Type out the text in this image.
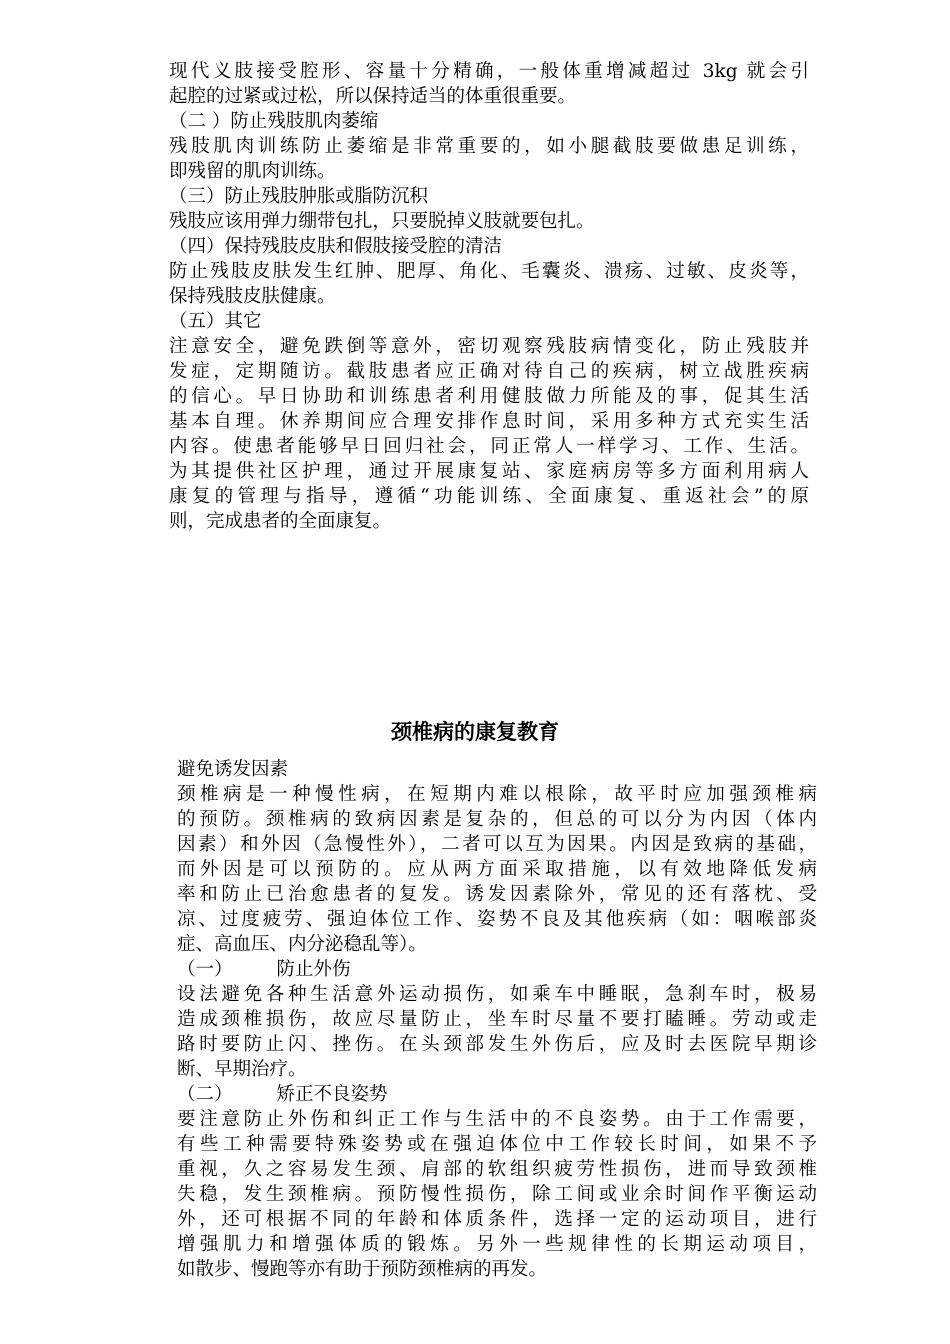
现代义肢接受腔形、容量十分精确，一般体重增减超过 3kg 就会引
起腔的过紧或过松，所以保持适当的体重很重要。
（二 ）防止残肢肌肉萎缩
残肢肌肉训练防止萎缩是非常重要的，如小腿截肢要做患足训练，
即残留的肌肉训练。
（三）防止残肢肿胀或脂防沉积
残肢应该用弹力绷带包扎，只要脱掉义肢就要包扎。
（四）保持残肢皮肤和假肢接受腔的清洁
防止残肢皮肤发生红肿、肥厚、角化、毛囊炎、溃疡、过敏、皮炎等，
保持残肢皮肤健康。
（五）其它
注意安全，避免跌倒等意外，密切观察残肢病情变化，防止残肢并
发症，定期随访。截肢患者应正确对待自己的疾病，树立战胜疾病
的信心。早日协助和训练患者利用健肢做力所能及的事，促其生活
基本自理。休养期间应合理安排作息时间，采用多种方式充实生活
内容。使患者能够早日回归社会，同正常人一样学习、工作、生活。
为其提供社区护理，通过开展康复站、家庭病房等多方面利用病人
康复的管理与指导，遵循“功能训练、全面康复、重返社会”的原
则，完成患者的全面康复。
颈椎病的康复教育
避免诱发因素
颈椎病是一种慢性病，在短期内难以根除，故平时应加强颈椎病
的预防。颈椎病的致病因素是复杂的，但总的可以分为内因（体内
因素）和外因（急慢性外），二者可以互为因果。内因是致病的基础，
而外因是可以预防的。应从两方面采取措施，以有效地降低发病
率和防止已治愈患者的复发。诱发因素除外，常见的还有落枕、受
凉、过度疲劳、强迫体位工作、姿势不良及其他疾病（如：咽喉部炎
症、高血压、内分泌稳乱等）。
（一） 防止外伤
设法避免各种生活意外运动损伤，如乘车中睡眠，急刹车时，极易
造成颈椎损伤，故应尽量防止，坐车时尽量不要打瞌睡。劳动或走
路时要防止闪、挫伤。在头颈部发生外伤后，应及时去医院早期诊
断、早期治疗。
（二） 矫正不良姿势
要注意防止外伤和纠正工作与生活中的不良姿势。由于工作需要，
有些工种需要特殊姿势或在强迫体位中工作较长时间，如果不予
重视，久之容易发生颈、肩部的软组织疲劳性损伤，进而导致颈椎
失稳，发生颈椎病。预防慢性损伤，除工间或业余时间作平衡运动
外，还可根据不同的年龄和体质条件，选择一定的运动项目，进行
增强肌力和增强体质的锻炼。另外一些规律性的长期运动项目，
如散步、慢跑等亦有助于预防颈椎病的再发。
